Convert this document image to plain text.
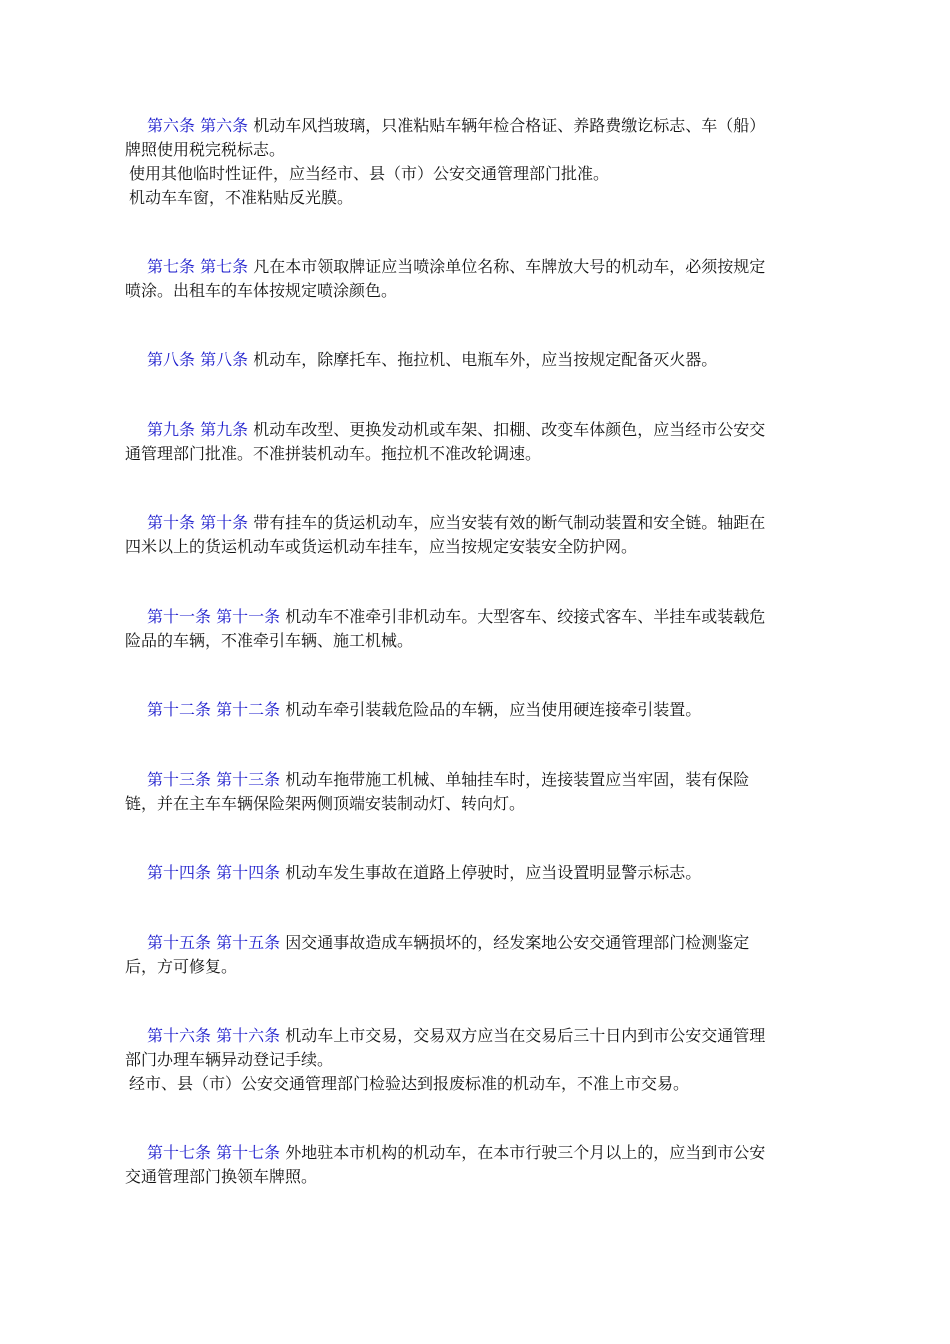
第六条 第六条 机动车风挡玻璃，只准粘贴车辆年检合格证、养路费缴讫标志、车（船）
牌照使用税完税标志。
使用其他临时性证件，应当经市、县（市）公安交通管理部门批准。
机动车车窗，不准粘贴反光膜。
第七条 第七条 凡在本市领取牌证应当喷涂单位名称、车牌放大号的机动车，必须按规定
喷涂。出租车的车体按规定喷涂颜色。
第八条 第八条 机动车，除摩托车、拖拉机、电瓶车外，应当按规定配备灭火器。
第九条 第九条 机动车改型、更换发动机或车架、扣棚、改变车体颜色，应当经市公安交
通管理部门批准。不准拼装机动车。拖拉机不准改轮调速。
第十条 第十条 带有挂车的货运机动车，应当安装有效的断气制动装置和安全链。轴距在
四米以上的货运机动车或货运机动车挂车，应当按规定安装安全防护网。
第十一条 第十一条 机动车不准牵引非机动车。大型客车、绞接式客车、半挂车或装载危
险品的车辆，不准牵引车辆、施工机械。
第十二条 第十二条 机动车牵引装载危险品的车辆，应当使用硬连接牵引装置。
第十三条 第十三条 机动车拖带施工机械、单轴挂车时，连接装置应当牢固，装有保险
链，并在主车车辆保险架两侧顶端安装制动灯、转向灯。
第十四条 第十四条 机动车发生事故在道路上停驶时，应当设置明显警示标志。
第十五条 第十五条 因交通事故造成车辆损坏的，经发案地公安交通管理部门检测鉴定
后，方可修复。
第十六条 第十六条 机动车上市交易，交易双方应当在交易后三十日内到市公安交通管理
部门办理车辆异动登记手续。
经市、县（市）公安交通管理部门检验达到报废标准的机动车，不准上市交易。
第十七条 第十七条 外地驻本市机构的机动车，在本市行驶三个月以上的，应当到市公安
交通管理部门换领车牌照。
